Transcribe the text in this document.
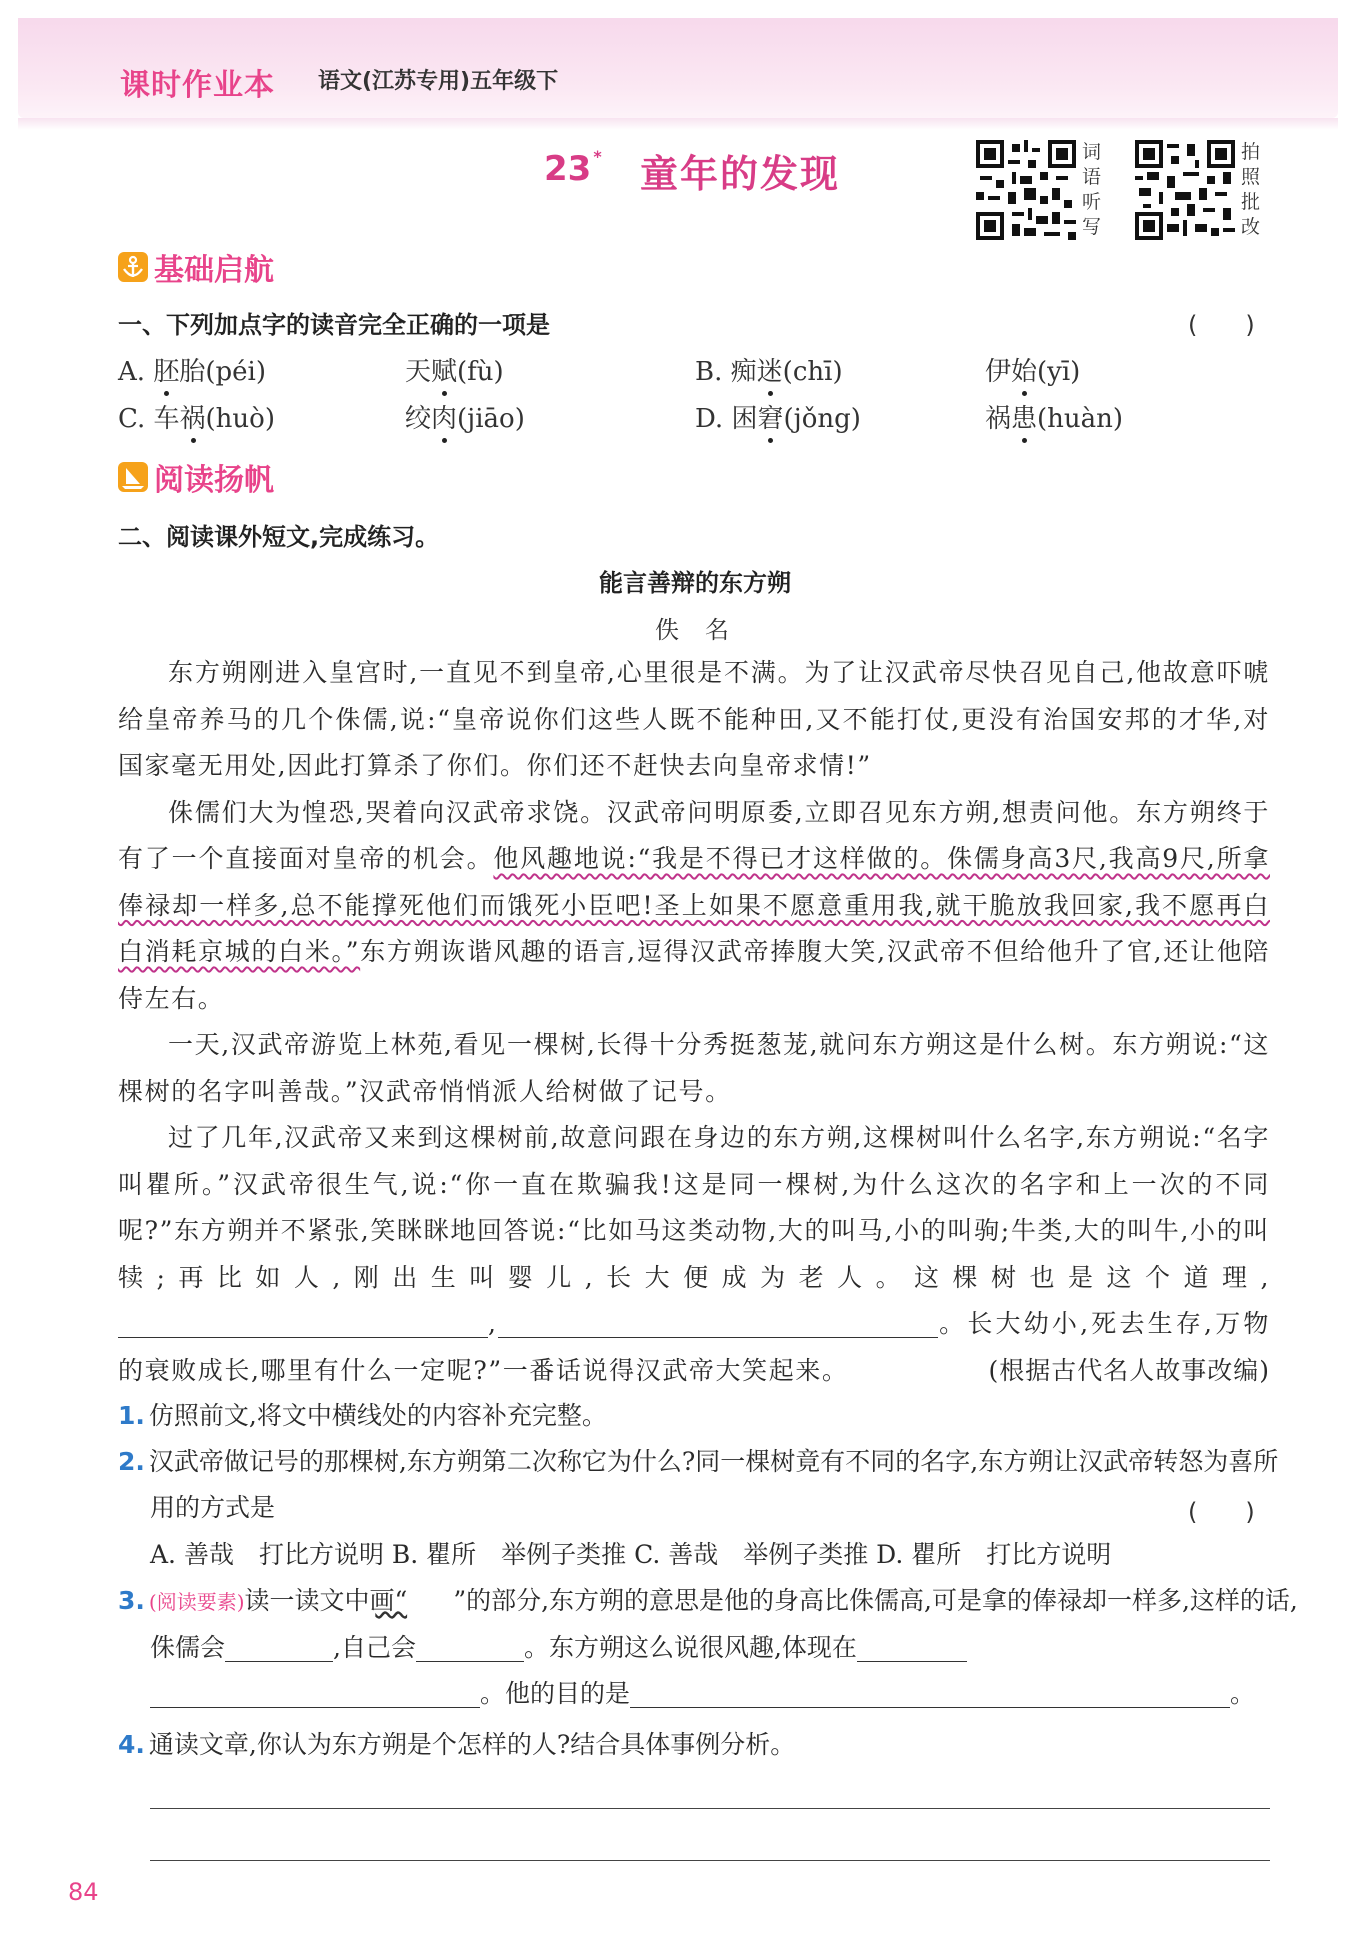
课时作业本 语文(江苏专用)五年级下
23 * 童年的发现	词
语
听
写
拍
照
批
改
基础启航
一、下列加点字的读音完全正确的一项是	(　　)
A. 胚胎(péi)	天赋(fù)	B. 痴迷(chī)	伊始(yī)
C. 车祸(huò)	绞肉(jiāo)	D. 困窘(jǒng)	祸患(huàn)
阅读扬帆
二、阅读课外短文,完成练习。
能言善辩的东方朔
佚名

东方朔刚进入皇宫时,一直见不到皇帝,心里很是不满。为了让汉武帝尽快召见自己,他故意吓唬给皇帝养马的几个侏儒,说:“皇帝说你们这些人既不能种田,又不能打仗,更没有治国安邦的才华,对国家毫无用处,因此打算杀了你们。你们还不赶快去向皇帝求情!”

侏儒们大为惶恐,哭着向汉武帝求饶。汉武帝问明原委,立即召见东方朔,想责问他。东方朔终于有了一个直接面对皇帝的机会。他风趣地说:“我是不得已才这样做的。侏儒身高3尺,我高9尺,所拿俸禄却一样多,总不能撑死他们而饿死小臣吧!圣上如果不愿意重用我,就干脆放我回家,我不愿再白白消耗京城的白米。”东方朔诙谐风趣的语言,逗得汉武帝捧腹大笑,汉武帝不但给他升了官,还让他陪侍左右。

一天,汉武帝游览上林苑,看见一棵树,长得十分秀挺葱茏,就问东方朔这是什么树。东方朔说:“这棵树的名字叫善哉。”汉武帝悄悄派人给树做了记号。

过了几年,汉武帝又来到这棵树前,故意问跟在身边的东方朔,这棵树叫什么名字,东方朔说:“名字叫瞿所。”汉武帝很生气,说:“你一直在欺骗我!这是同一棵树,为什么这次的名字和上一次的不同呢?”东方朔并不紧张,笑眯眯地回答说:“比如马这类动物,大的叫马,小的叫驹;牛类,大的叫牛,小的叫犊;再比如人,刚出生叫婴儿,长大便成为老人。这棵树也是这个道理,,	。长大幼小,死去生存,万物的衰败成长,哪里有什么一定呢?”一番话说得汉武帝大笑起来。	(根据古代名人故事改编)

1. 仿照前文,将文中横线处的内容补充完整。
2. 汉武帝做记号的那棵树,东方朔第二次称它为什么?同一棵树竟有不同的名字,东方朔让汉武帝转怒为喜所用的方式是	(　　)
A. 善哉　打比方说明 B. 瞿所　举例子类推 C. 善哉　举例子类推 D. 瞿所　打比方说明
3. (阅读要素)读一读文中画“ ”的部分,东方朔的意思是他的身高比侏儒高,可是拿的俸禄却一样多,这样的话,侏儒会	,自己会	。东方朔这么说很风趣,体现在
。他的目的是	。
4. 通读文章,你认为东方朔是个怎样的人?结合具体事例分析。
84
